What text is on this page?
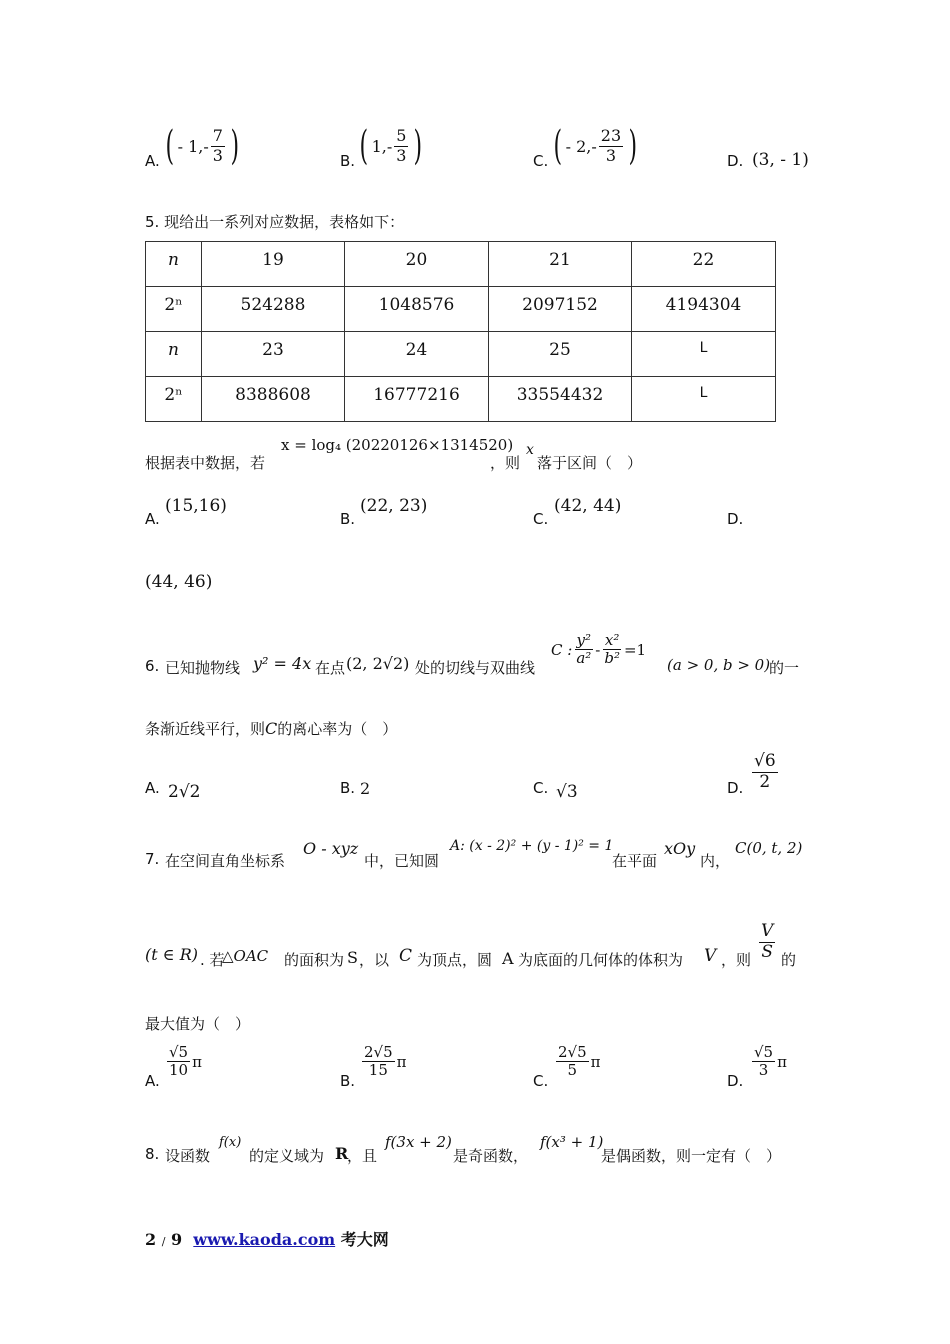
A. ( - $1,- \frac{7}{3}$ )	B. ( $1,- \frac{5}{3}$ )	C. ( - $2,- \frac{23}{3}$ )	D. (3, - 1)
5. 现给出一系列对应数据，表格如下：
n	19	20	21	22
2ⁿ	524288	1048576	2097152	4194304
n	23	24	25	L
2ⁿ	8388608	16777216	33554432	L
根据表中数据，若
x = log₄ (20220126×1314520)
，则
x
落于区间（　）
A.
(15,16)
B.
(22, 23)
C.
(42, 44)
D.
(44, 46)
6. 已知抛物线 y² = 4x 在点 (2, 2√2) 处的切线与双曲线
C : $\frac{\text{y²}}{\text{a²}} - \frac{\text{x²}}{\text{b²}} =1$
(a > 0, b > 0)
的一
条渐近线平行，则C的离心率为（　）
A. 2√2	B. 2	C. √3	D. $\frac{√6}{2}$
7. 在空间直角坐标系
O - xyz
中，已知圆
A: (x - 2)² + (y - 1)² = 1
在平面
xOy
内，
C(0, t, 2)
(t ∈ R) . 若
△OAC 的面积为 S ，以 C 为顶点，圆 A 为底面的几何体的体积为 V ，则 $\frac{V}{S}$ 的
最大值为（　）
A.
$\frac{√5}{10}$ π
B.
$\frac{2√5}{15}$ π
C.
$\frac{2√5}{5}$ π
D.
$\frac{√5}{3}$ π
8. 设函数
f(x)
的定义域为 R
，且
f(3x + 2)
是奇函数，
f(x³ + 1)
是偶函数，则一定有（　）
2 / 9 www.kaoda.com 考大网
